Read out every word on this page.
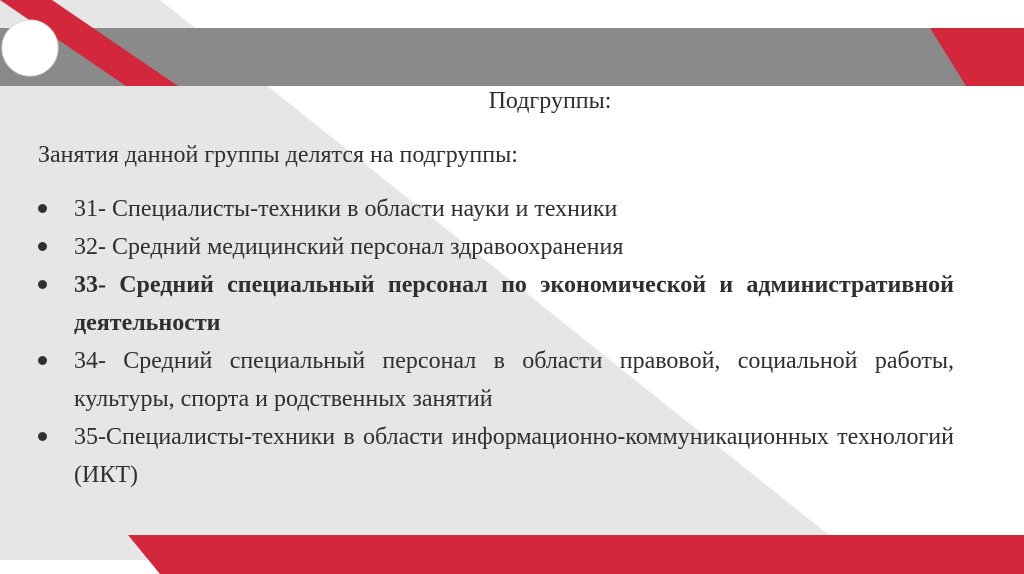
Подгруппы:
Занятия данной группы делятся на подгруппы:
31- Специалисты-техники в области науки и техники
32- Средний медицинский персонал здравоохранения
33- Средний специальный персонал по экономической и административной деятельности
34- Средний специальный персонал в области правовой, социальной работы, культуры, спорта и родственных занятий
35-Специалисты-техники в области информационно-коммуникационных технологий (ИКТ)
